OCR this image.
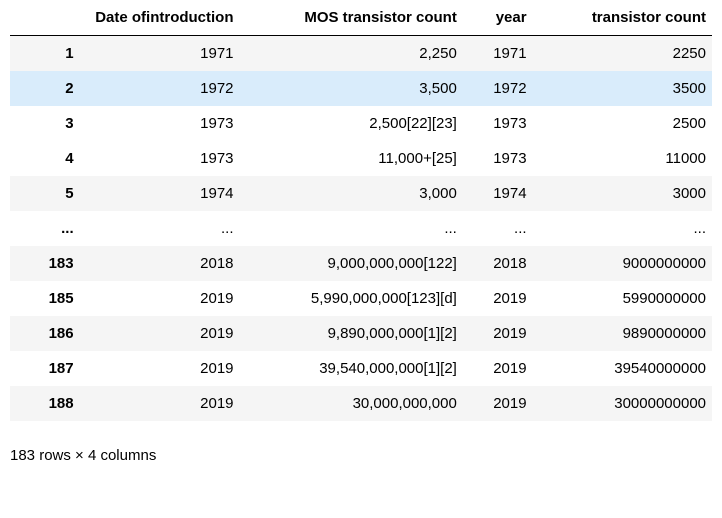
	Date ofintroduction	MOS transistor count	year	transistor count
1	1971	2,250	1971	2250
2	1972	3,500	1972	3500
3	1973	2,500[22][23]	1973	2500
4	1973	11,000+[25]	1973	11000
5	1974	3,000	1974	3000
...	...	...	...	...
183	2018	9,000,000,000[122]	2018	9000000000
185	2019	5,990,000,000[123][d]	2019	5990000000
186	2019	9,890,000,000[1][2]	2019	9890000000
187	2019	39,540,000,000[1][2]	2019	39540000000
188	2019	30,000,000,000	2019	30000000000
183 rows × 4 columns
